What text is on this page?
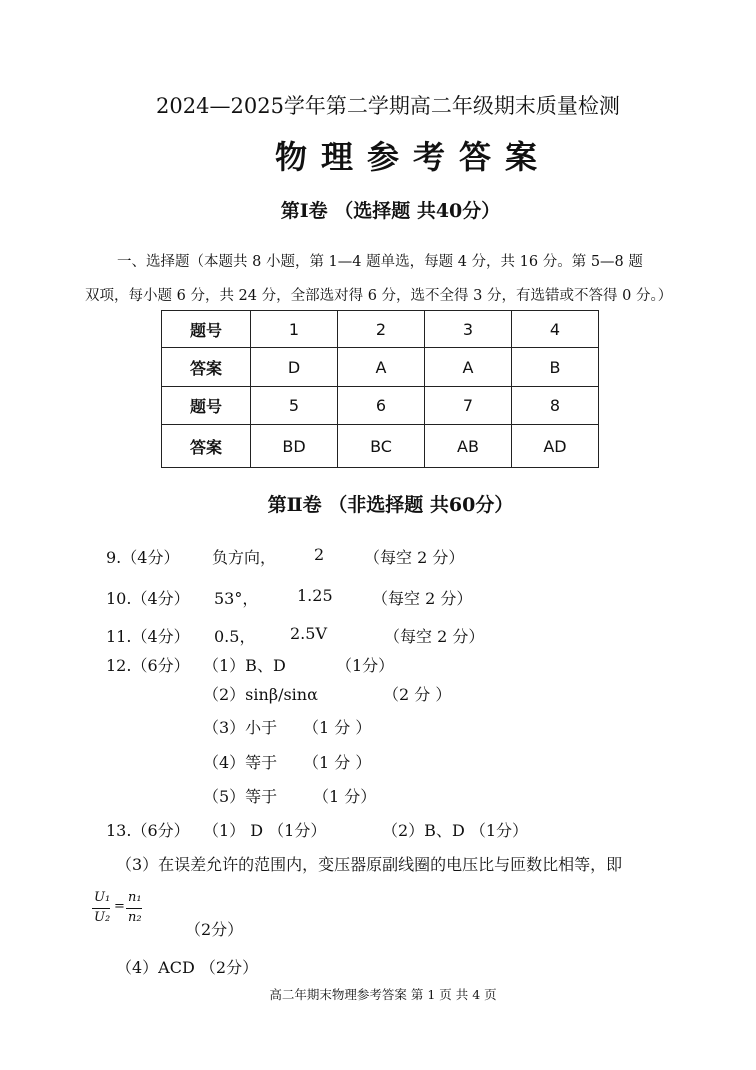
2024—2025学年第二学期高二年级期末质量检测
物理参考答案
第Ⅰ卷 （选择题 共40分）
一、选择题（本题共 8 小题，第 1—4 题单选，每题 4 分，共 16 分。第 5—8 题
双项，每小题 6 分，共 24 分，全部选对得 6 分，选不全得 3 分，有选错或不答得 0 分。）
题号	1	2	3	4
答案	D	A	A	B
题号	5	6	7	8
答案	BD	BC	AB	AD
第Ⅱ卷 （非选择题 共60分）
9.（4分） 负方向， 2 （每空 2 分）
10.（4分） 53°， 1.25 （每空 2 分）
11.（4分） 0.5， 2.5V	（每空 2 分）
12.（6分） （1）B、D	（1分）
（2）sinβ/sinα	（2 分 ）
（3）小于 （1 分 ）
（4）等于 （1 分 ）
（5）等于 （1 分）
13.（6分） （1） D （1分）	（2）B、D （1分）
（3）在误差允许的范围内，变压器原副线圈的电压比与匝数比相等，即
U₁
U₂
=
n₁
n₂
（2分）
（4）ACD （2分）
高二年期末物理参考答案 第 1 页 共 4 页
